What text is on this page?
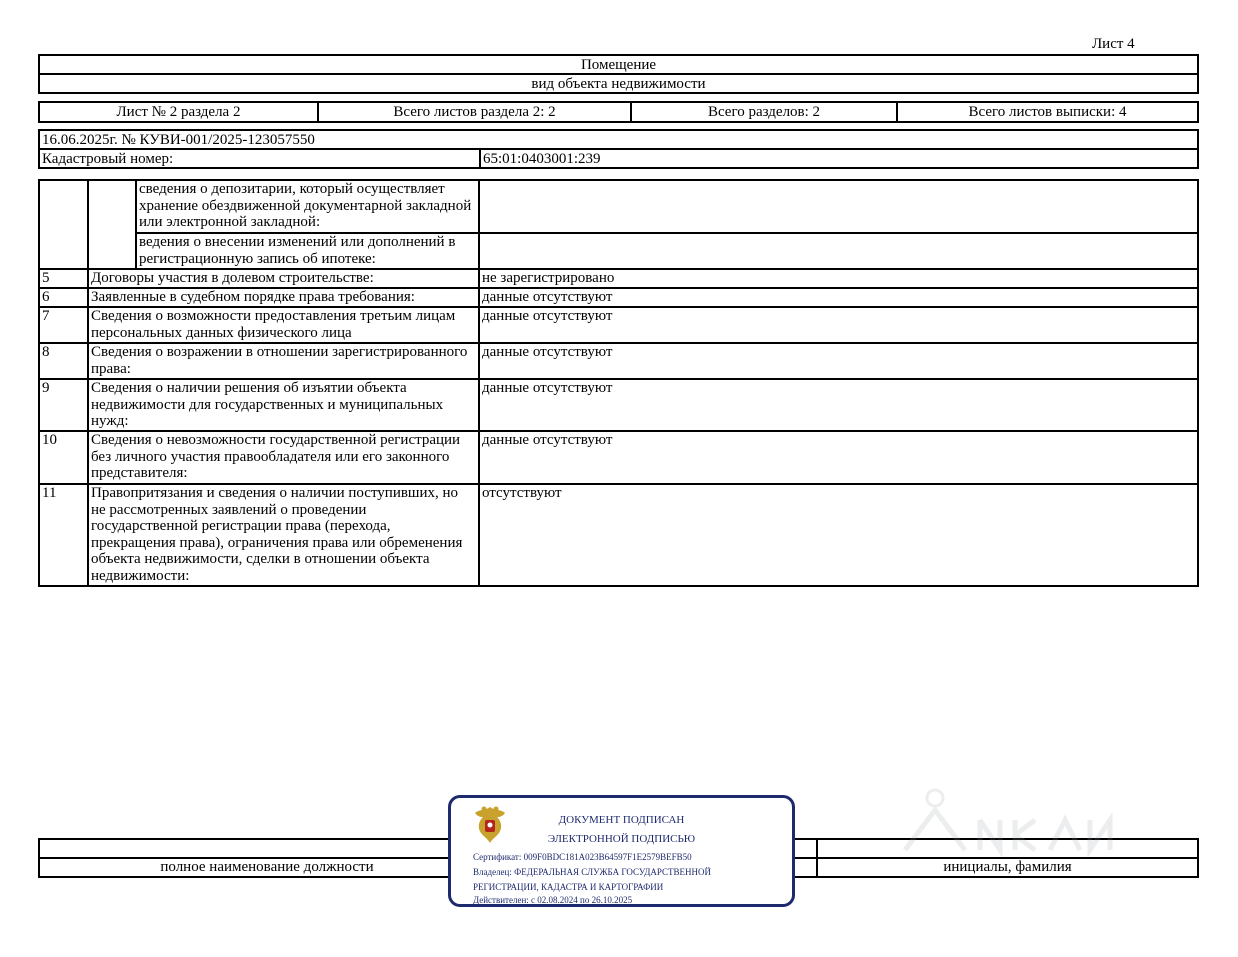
Лист 4
Помещение
вид объекта недвижимости
Лист № 2 раздела 2	Всего листов раздела 2: 2	Всего разделов: 2	Всего листов выписки: 4
16.06.2025г. № КУВИ-001/2025-123057550
Кадастровый номер:	65:01:0403001:239
		сведения о депозитарии, который осуществляет хранение обездвиженной документарной закладной или электронной закладной:	
		ведения о внесении изменений или дополнений в регистрационную запись об ипотеке:	
5	Договоры участия в долевом строительстве:		не зарегистрировано
6	Заявленные в судебном порядке права требования:		данные отсутствуют
7	Сведения о возможности предоставления третьим лицам персональных данных физического лица		данные отсутствуют
8	Сведения о возражении в отношении зарегистрированного права:		данные отсутствуют
9	Сведения о наличии решения об изъятии объекта недвижимости для государственных и муниципальных нужд:		данные отсутствуют
10	Сведения о невозможности государственной регистрации без личного участия правообладателя или его законного представителя:		данные отсутствуют
11	Правопритязания и сведения о наличии поступивших, но не рассмотренных заявлений о проведении государственной регистрации права (перехода, прекращения права), ограничения права или обременения объекта недвижимости, сделки в отношении объекта недвижимости:		отсутствуют

полное наименование должности		инициалы, фамилия
ДОКУМЕНТ ПОДПИСАН
ЭЛЕКТРОННОЙ ПОДПИСЬЮ
Сертификат: 009F0BDC181A023B64597F1E2579BEFB50
Владелец: ФЕДЕРАЛЬНАЯ СЛУЖБА ГОСУДАРСТВЕННОЙ
РЕГИСТРАЦИИ, КАДАСТРА И КАРТОГРАФИИ
Действителен: с 02.08.2024 по 26.10.2025
